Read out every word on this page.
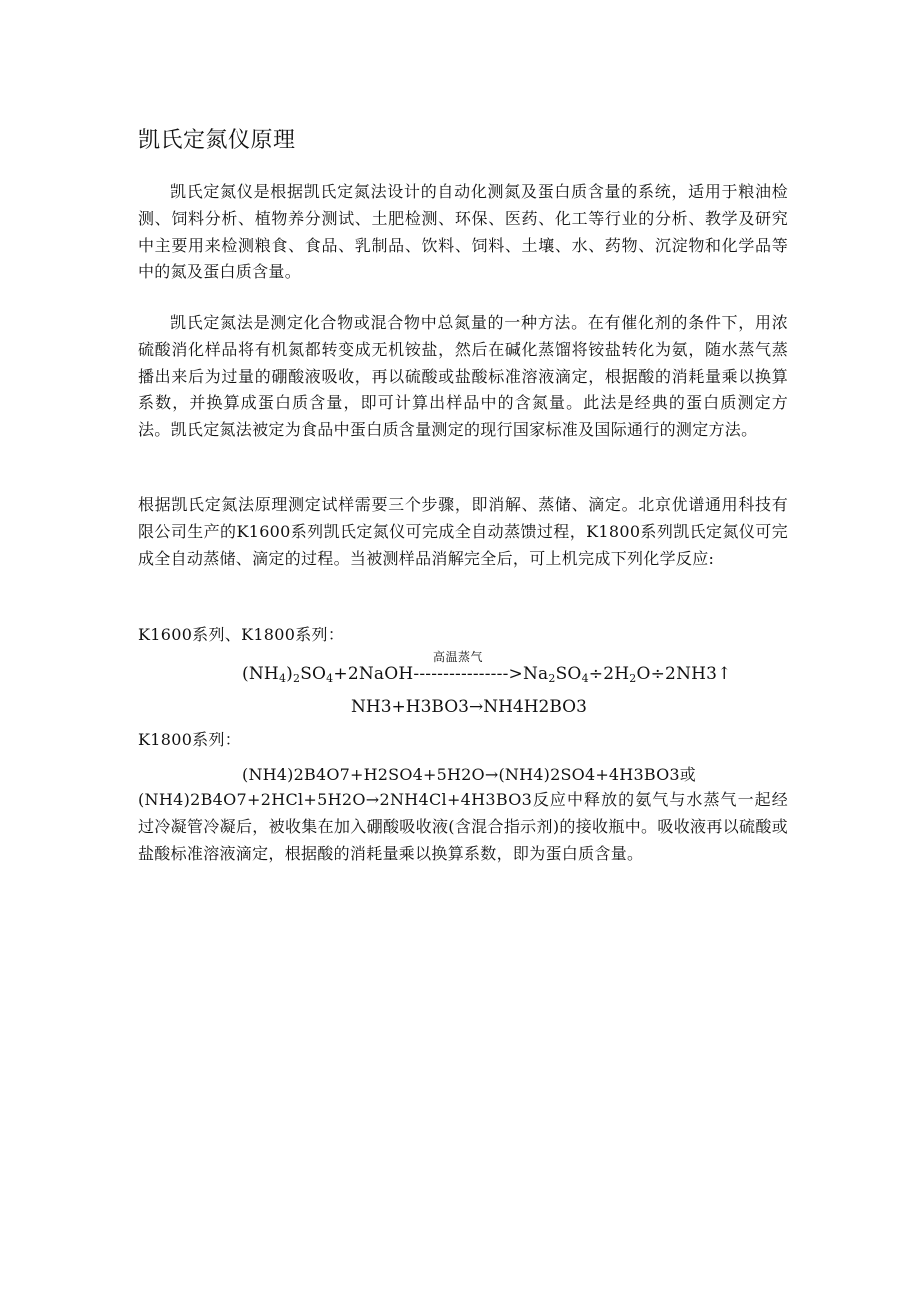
凯氏定氮仪原理

凯氏定氮仪是根据凯氏定氮法设计的自动化测氮及蛋白质含量的系统，适用于粮油检测、饲料分析、植物养分测试、土肥检测、环保、医药、化工等行业的分析、教学及研究中主要用来检测粮食、食品、乳制品、饮料、饲料、土壤、水、药物、沉淀物和化学品等中的氮及蛋白质含量。

凯氏定氮法是测定化合物或混合物中总氮量的一种方法。在有催化剂的条件下，用浓硫酸消化样品将有机氮都转变成无机铵盐，然后在碱化蒸馏将铵盐转化为氨，随水蒸气蒸播出来后为过量的硼酸液吸收，再以硫酸或盐酸标准溶液滴定，根据酸的消耗量乘以换算系数，并换算成蛋白质含量，即可计算出样品中的含氮量。此法是经典的蛋白质测定方法。凯氏定氮法被定为食品中蛋白质含量测定的现行国家标准及国际通行的测定方法。

根据凯氏定氮法原理测定试样需要三个步骤，即消解、蒸储、滴定。北京优谱通用科技有限公司生产的K1600系列凯氏定氮仪可完成全自动蒸馈过程，K1800系列凯氏定氮仪可完成全自动蒸储、滴定的过程。当被测样品消解完全后，可上机完成下列化学反应:

K1600系列、K1800系列：

高温蒸气
$(NH_4)_2SO_4+2NaOH---------------->Na_2SO_4\div 2H_2O\div 2NH3↑$
NH3+H3BO3→NH4H2BO3

K1800系列：

(NH4)2B4O7+H2SO4+5H2O→(NH4)2SO4+4H3BO3或

(NH4)2B4O7+2HCl+5H2O→2NH4Cl+4H3BO3反应中释放的氨气与水蒸气一起经过冷凝管冷凝后，被收集在加入硼酸吸收液(含混合指示剂)的接收瓶中。吸收液再以硫酸或盐酸标准溶液滴定，根据酸的消耗量乘以换算系数，即为蛋白质含量。
